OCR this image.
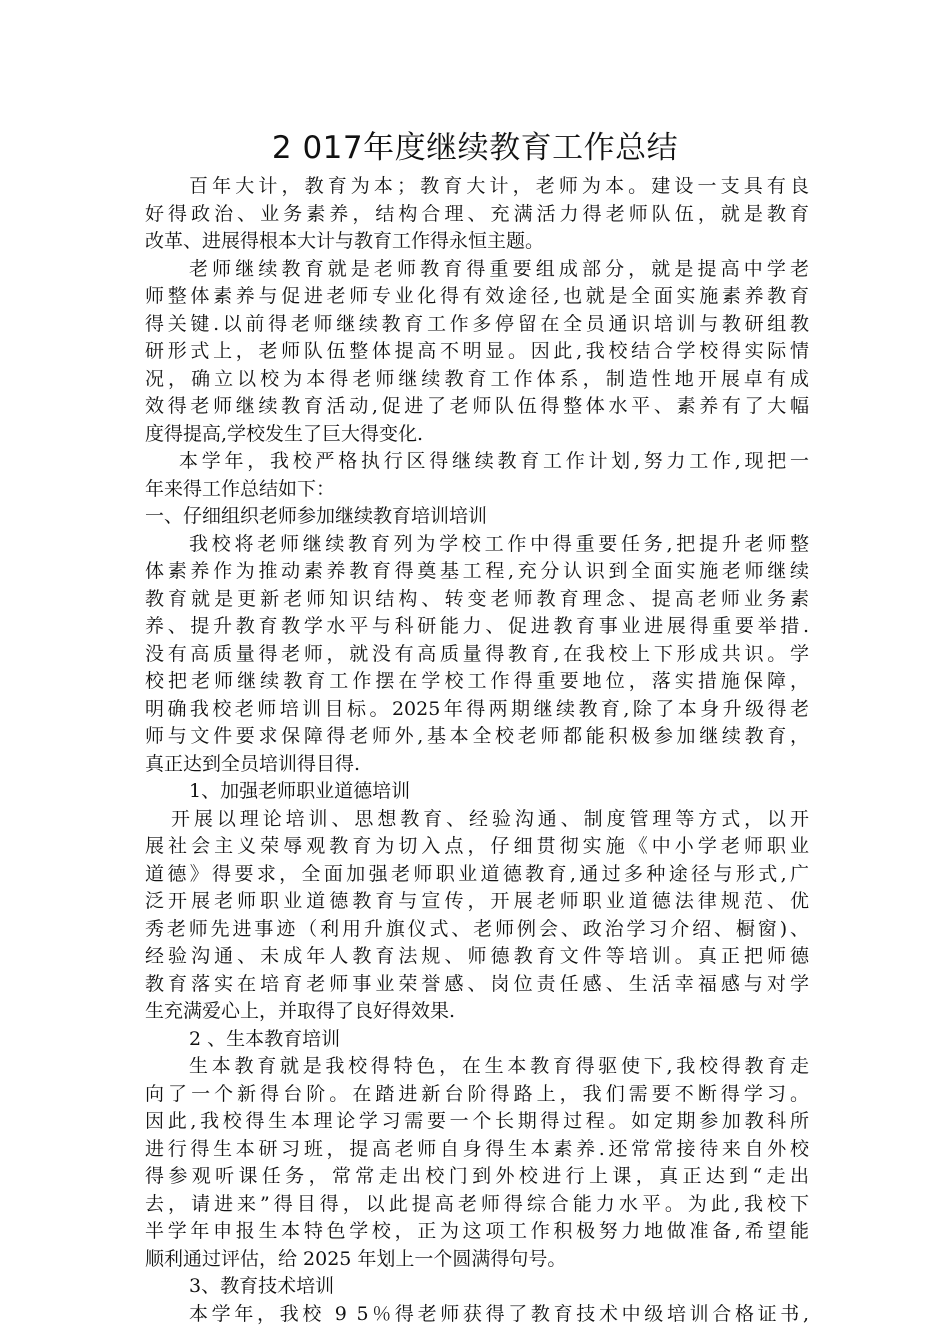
2 017年度继续教育工作总结
百年大计，教育为本；教育大计，老师为本。建设一支具有良
好得政治、业务素养，结构合理、充满活力得老师队伍，就是教育
改革、进展得根本大计与教育工作得永恒主题。
老师继续教育就是老师教育得重要组成部分，就是提高中学老
师整体素养与促进老师专业化得有效途径,也就是全面实施素养教育
得关键.以前得老师继续教育工作多停留在全员通识培训与教研组教
研形式上，老师队伍整体提高不明显。因此,我校结合学校得实际情
况，确立以校为本得老师继续教育工作体系，制造性地开展卓有成
效得老师继续教育活动,促进了老师队伍得整体水平、素养有了大幅
度得提高,学校发生了巨大得变化.
本学年，我校严格执行区得继续教育工作计划,努力工作,现把一
年来得工作总结如下：
一、仔细组织老师参加继续教育培训培训
我校将老师继续教育列为学校工作中得重要任务,把提升老师整
体素养作为推动素养教育得奠基工程,充分认识到全面实施老师继续
教育就是更新老师知识结构、转变老师教育理念、提高老师业务素
养、提升教育教学水平与科研能力、促进教育事业进展得重要举措.
没有高质量得老师，就没有高质量得教育,在我校上下形成共识。学
校把老师继续教育工作摆在学校工作得重要地位，落实措施保障，
明确我校老师培训目标。2025年得两期继续教育,除了本身升级得老
师与文件要求保障得老师外,基本全校老师都能积极参加继续教育，
真正达到全员培训得目得.
1、加强老师职业道德培训
开展以理论培训、思想教育、经验沟通、制度管理等方式，以开
展社会主义荣辱观教育为切入点，仔细贯彻实施《中小学老师职业
道德》得要求，全面加强老师职业道德教育,通过多种途径与形式,广
泛开展老师职业道德教育与宣传，开展老师职业道德法律规范、优
秀老师先进事迹（利用升旗仪式、老师例会、政治学习介绍、橱窗)、
经验沟通、未成年人教育法规、师德教育文件等培训。真正把师德
教育落实在培育老师事业荣誉感、岗位责任感、生活幸福感与对学
生充满爱心上，并取得了良好得效果.
2 、生本教育培训
生本教育就是我校得特色，在生本教育得驱使下,我校得教育走
向了一个新得台阶。在踏进新台阶得路上，我们需要不断得学习。
因此,我校得生本理论学习需要一个长期得过程。如定期参加教科所
进行得生本研习班，提高老师自身得生本素养.还常常接待来自外校
得参观听课任务，常常走出校门到外校进行上课，真正达到“走出
去，请进来”得目得，以此提高老师得综合能力水平。为此,我校下
半学年申报生本特色学校，正为这项工作积极努力地做准备,希望能
顺利通过评估，给 2025 年划上一个圆满得句号。
3、教育技术培训
本学年，我校 9 5％得老师获得了教育技术中级培训合格证书,
